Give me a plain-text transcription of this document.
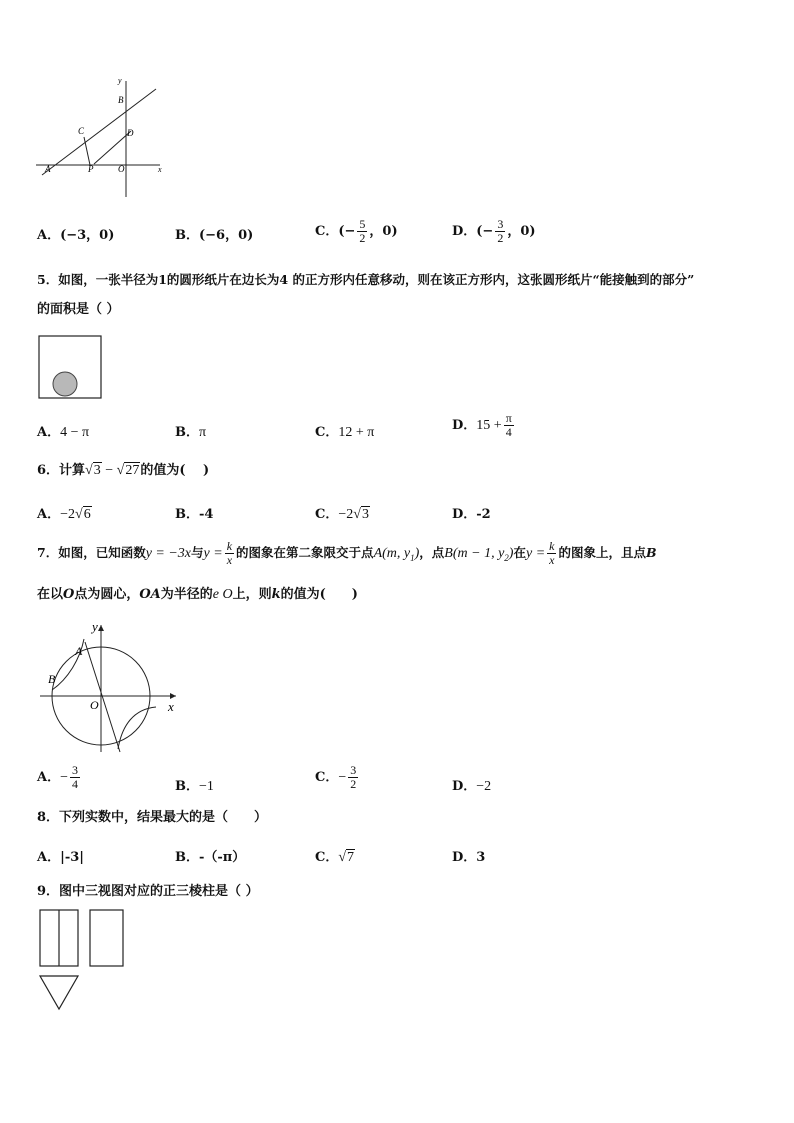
y
x
B
C	D
A	P	O
A．(−3，0)	B．(−6，0)	C．(− $\frac{5}{2}$ ，0)	D．(− $\frac{3}{2}$ ，0)
5．如图，一张半径为1的圆形纸片在边长为4 的正方形内任意移动，则在该正方形内，这张圆形纸片“能接触到的部分”
的面积是（ ）
A．4 − π	B．π	C．12 + π	D．$15 + \frac{\pi}{4}$
6．计算√3 − √27的值为(　 )
A．−2√6	B．-4	C．−2√3	D．-2
7．如图，已知函数y = −3x与$y = \frac{k}{x}$ 的图象在第二象限交于点A(m, $y_1$)，点B(m − 1, $y_2$)在$y = \frac{k}{x}$ 的图象上，且点B
在以O点为圆心，OA为半径的e O上，则k的值为(　　)
y
x
A
B
O
A．− $\frac{3}{4}$	B．−1
C．− $\frac{3}{2}$	D．−2
8．下列实数中，结果最大的是（　　）
A．|-3|	B．-（-π）	C．√7	D．3
9．图中三视图对应的正三棱柱是（ ）
